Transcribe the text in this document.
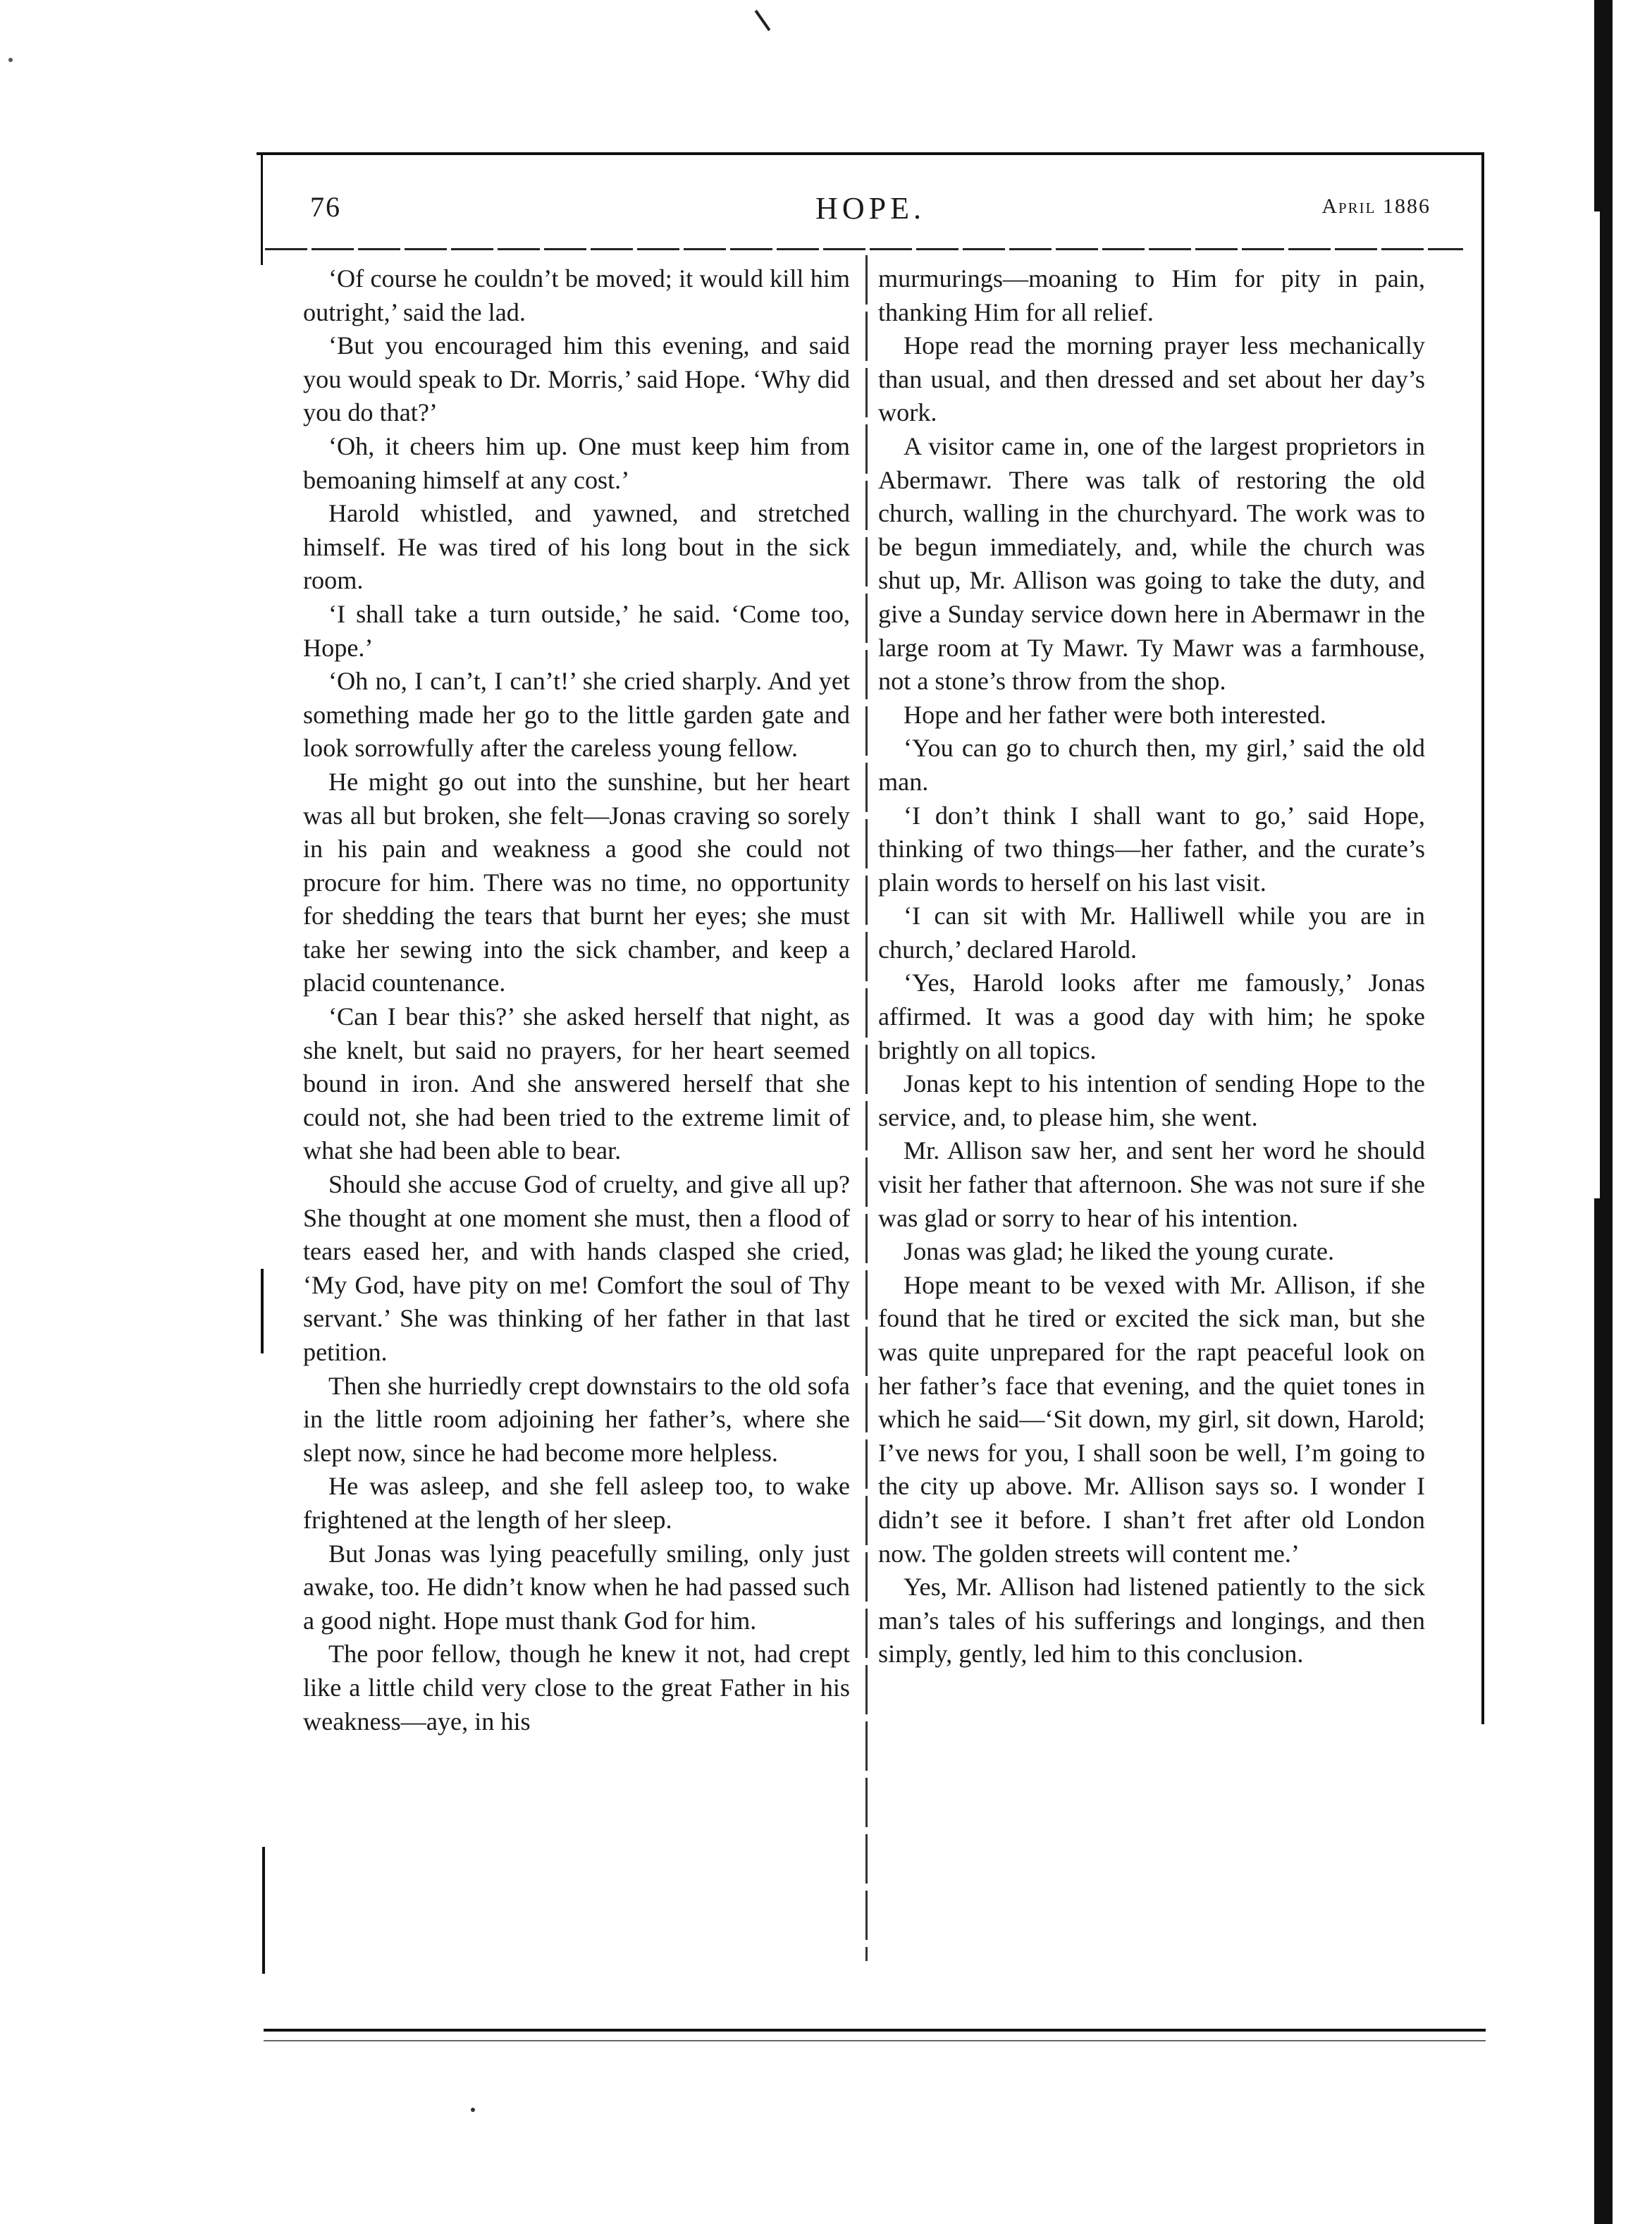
76	HOPE.	April 1886

‘Of course he couldn’t be moved; it would kill him outright,’ said the lad.

‘But you encouraged him this evening, and said you would speak to Dr. Morris,’ said Hope. ‘Why did you do that?’

‘Oh, it cheers him up. One must keep him from bemoaning himself at any cost.’

Harold whistled, and yawned, and stretched himself. He was tired of his long bout in the sick room.

‘I shall take a turn outside,’ he said. ‘Come too, Hope.’

‘Oh no, I can’t, I can’t!’ she cried sharply. And yet something made her go to the little garden gate and look sorrowfully after the careless young fellow.

He might go out into the sunshine, but her heart was all but broken, she felt—Jonas craving so sorely in his pain and weakness a good she could not procure for him. There was no time, no opportunity for shedding the tears that burnt her eyes; she must take her sewing into the sick chamber, and keep a placid countenance.

‘Can I bear this?’ she asked herself that night, as she knelt, but said no prayers, for her heart seemed bound in iron. And she answered herself that she could not, she had been tried to the extreme limit of what she had been able to bear.

Should she accuse God of cruelty, and give all up? She thought at one moment she must, then a flood of tears eased her, and with hands clasped she cried, ‘My God, have pity on me! Comfort the soul of Thy servant.’ She was thinking of her father in that last petition.

Then she hurriedly crept downstairs to the old sofa in the little room adjoining her father’s, where she slept now, since he had become more helpless.

He was asleep, and she fell asleep too, to wake frightened at the length of her sleep.

But Jonas was lying peacefully smiling, only just awake, too. He didn’t know when he had passed such a good night. Hope must thank God for him.

The poor fellow, though he knew it not, had crept like a little child very close to the great Father in his weakness—aye, in his

murmurings—moaning to Him for pity in pain, thanking Him for all relief.

Hope read the morning prayer less mechanically than usual, and then dressed and set about her day’s work.

A visitor came in, one of the largest proprietors in Abermawr. There was talk of restoring the old church, walling in the churchyard. The work was to be begun immediately, and, while the church was shut up, Mr. Allison was going to take the duty, and give a Sunday service down here in Abermawr in the large room at Ty Mawr. Ty Mawr was a farmhouse, not a stone’s throw from the shop.

Hope and her father were both interested.

‘You can go to church then, my girl,’ said the old man.

‘I don’t think I shall want to go,’ said Hope, thinking of two things—her father, and the curate’s plain words to herself on his last visit.

‘I can sit with Mr. Halliwell while you are in church,’ declared Harold.

‘Yes, Harold looks after me famously,’ Jonas affirmed. It was a good day with him; he spoke brightly on all topics.

Jonas kept to his intention of sending Hope to the service, and, to please him, she went.

Mr. Allison saw her, and sent her word he should visit her father that afternoon. She was not sure if she was glad or sorry to hear of his intention.

Jonas was glad; he liked the young curate.

Hope meant to be vexed with Mr. Allison, if she found that he tired or excited the sick man, but she was quite unprepared for the rapt peaceful look on her father’s face that evening, and the quiet tones in which he said—‘Sit down, my girl, sit down, Harold; I’ve news for you, I shall soon be well, I’m going to the city up above. Mr. Allison says so. I wonder I didn’t see it before. I shan’t fret after old London now. The golden streets will content me.’

Yes, Mr. Allison had listened patiently to the sick man’s tales of his sufferings and longings, and then simply, gently, led him to this conclusion.
